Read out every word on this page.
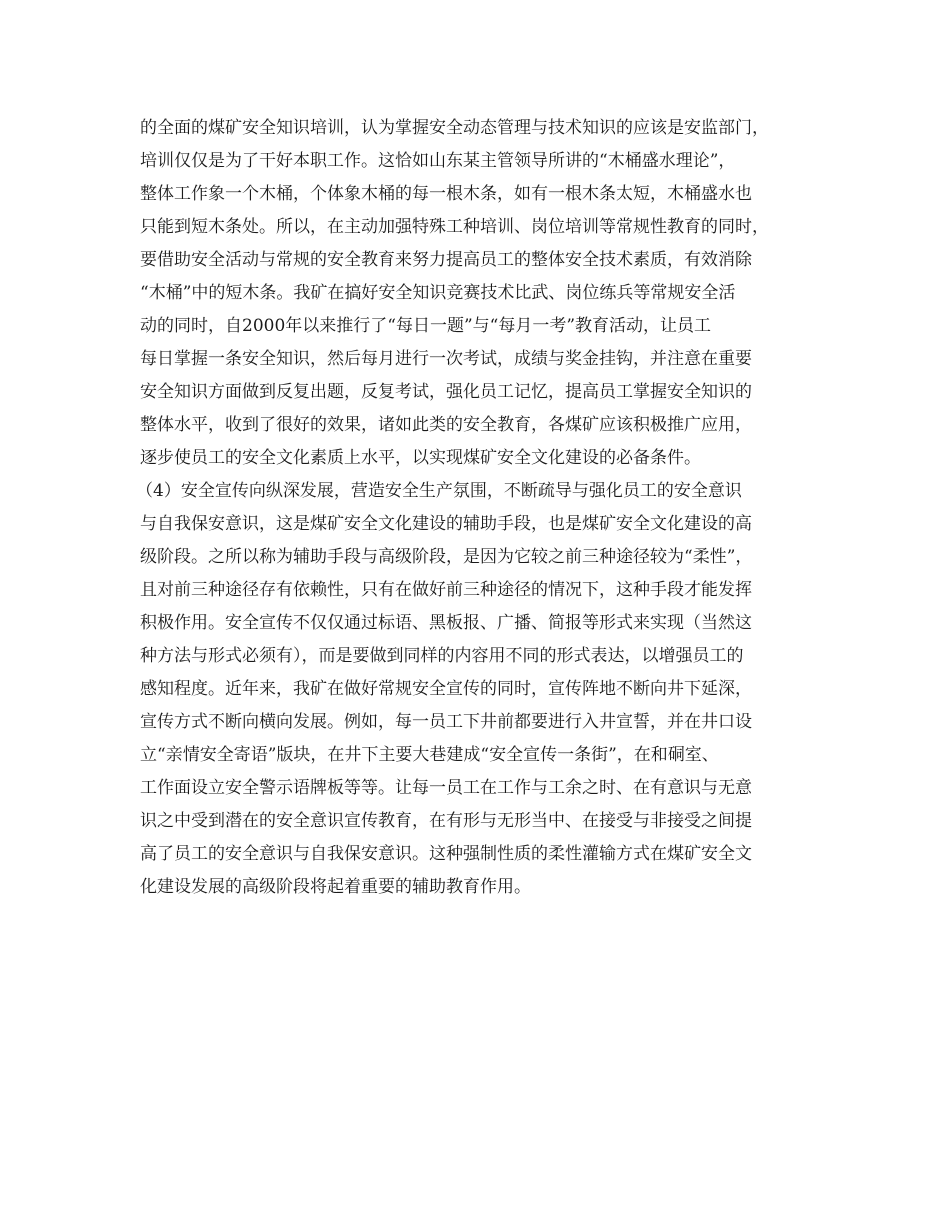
的全面的煤矿安全知识培训，认为掌握安全动态管理与技术知识的应该是安监部门，
培训仅仅是为了干好本职工作。这恰如山东某主管领导所讲的“木桶盛水理论”，
整体工作象一个木桶，个体象木桶的每一根木条，如有一根木条太短，木桶盛水也
只能到短木条处。所以，在主动加强特殊工种培训、岗位培训等常规性教育的同时，
要借助安全活动与常规的安全教育来努力提高员工的整体安全技术素质，有效消除
“木桶”中的短木条。我矿在搞好安全知识竞赛技术比武、岗位练兵等常规安全活
动的同时，自2000年以来推行了“每日一题”与“每月一考”教育活动，让员工
每日掌握一条安全知识，然后每月进行一次考试，成绩与奖金挂钩，并注意在重要
安全知识方面做到反复出题，反复考试，强化员工记忆，提高员工掌握安全知识的
整体水平，收到了很好的效果，诸如此类的安全教育，各煤矿应该积极推广应用，
逐步使员工的安全文化素质上水平，以实现煤矿安全文化建设的必备条件。
（4）安全宣传向纵深发展，营造安全生产氛围，不断疏导与强化员工的安全意识
与自我保安意识，这是煤矿安全文化建设的辅助手段，也是煤矿安全文化建设的高
级阶段。之所以称为辅助手段与高级阶段，是因为它较之前三种途径较为“柔性”，
且对前三种途径存有依赖性，只有在做好前三种途径的情况下，这种手段才能发挥
积极作用。安全宣传不仅仅通过标语、黑板报、广播、简报等形式来实现（当然这
种方法与形式必须有），而是要做到同样的内容用不同的形式表达，以增强员工的
感知程度。近年来，我矿在做好常规安全宣传的同时，宣传阵地不断向井下延深，
宣传方式不断向横向发展。例如，每一员工下井前都要进行入井宣誓，并在井口设
立“亲情安全寄语”版块，在井下主要大巷建成“安全宣传一条街”，在和硐室、
工作面设立安全警示语牌板等等。让每一员工在工作与工余之时、在有意识与无意
识之中受到潜在的安全意识宣传教育，在有形与无形当中、在接受与非接受之间提
高了员工的安全意识与自我保安意识。这种强制性质的柔性灌输方式在煤矿安全文
化建设发展的高级阶段将起着重要的辅助教育作用。
